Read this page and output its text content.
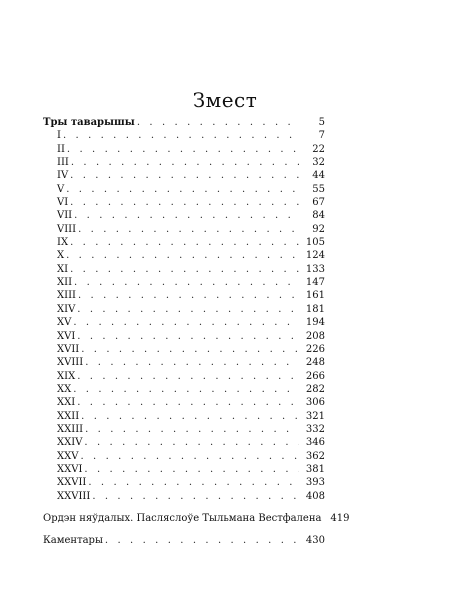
Змест
Тры таварышы . . .	5
I . . .	7
II . . .	22
III . . .	32
IV . . .	44
V . . .	55
VI . . .	67
VII . . .	84
VIII . . .	92
IX . . .	105
X . . .	124
XI . . .	133
XII . . .	147
XIII . . .	161
XIV . . .	181
XV . . .	194
XVI . . .	208
XVII . . .	226
XVIII . . .	248
XIX . . .	266
XX . . .	282
XXI . . .	306
XXII . . .	321
XXIII . . .	332
XXIV . . .	346
XXV . . .	362
XXVI . . .	381
XXVII . . .	393
XXVIII . . .	408
Ордэн няўдалых. Пасляслоўе Тыльмана Вестфалена 419
Каментары . . .	430
